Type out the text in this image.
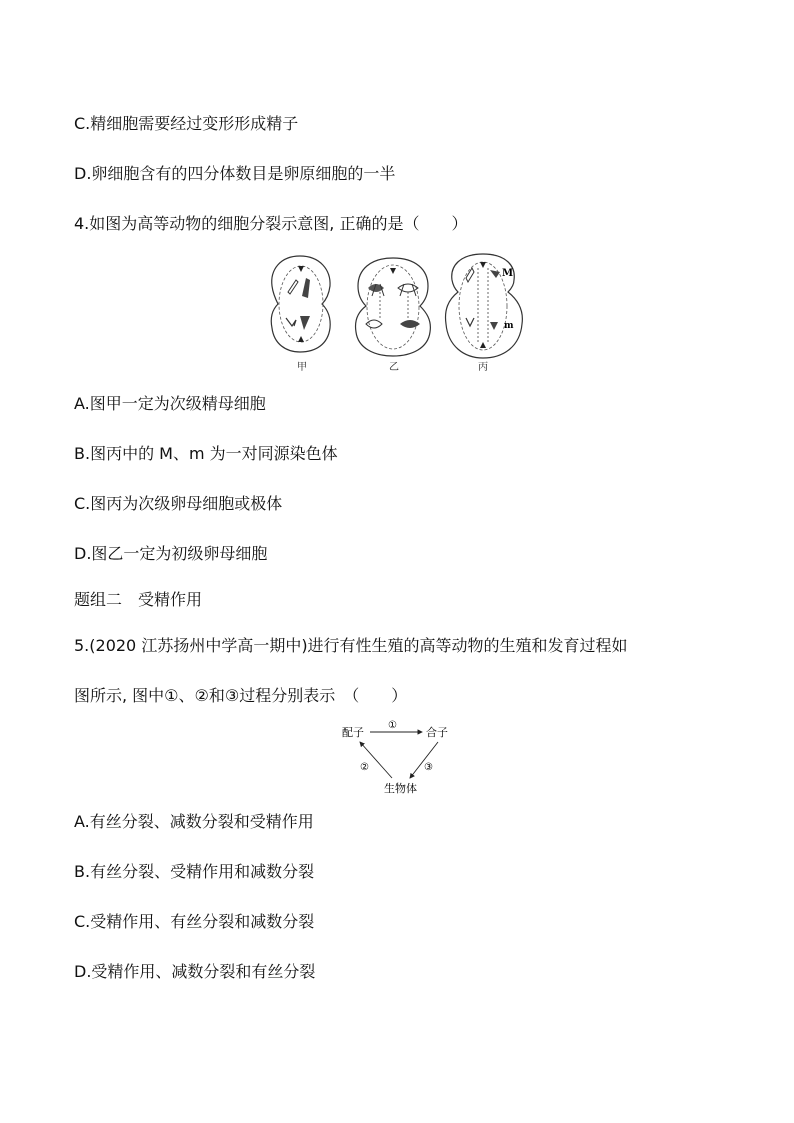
C.精细胞需要经过变形形成精子
D.卵细胞含有的四分体数目是卵原细胞的一半
4.如图为高等动物的细胞分裂示意图, 正确的是（　　）
M
m
甲	乙	丙
A.图甲一定为次级精母细胞
B.图丙中的 M、m 为一对同源染色体
C.图丙为次级卵母细胞或极体
D.图乙一定为初级卵母细胞
题组二　受精作用
5.(2020 江苏扬州中学高一期中)进行有性生殖的高等动物的生殖和发育过程如
图所示, 图中①、②和③过程分别表示　（　　）
配子	合子
生物体
①
②	③
A.有丝分裂、减数分裂和受精作用
B.有丝分裂、受精作用和减数分裂
C.受精作用、有丝分裂和减数分裂
D.受精作用、减数分裂和有丝分裂
